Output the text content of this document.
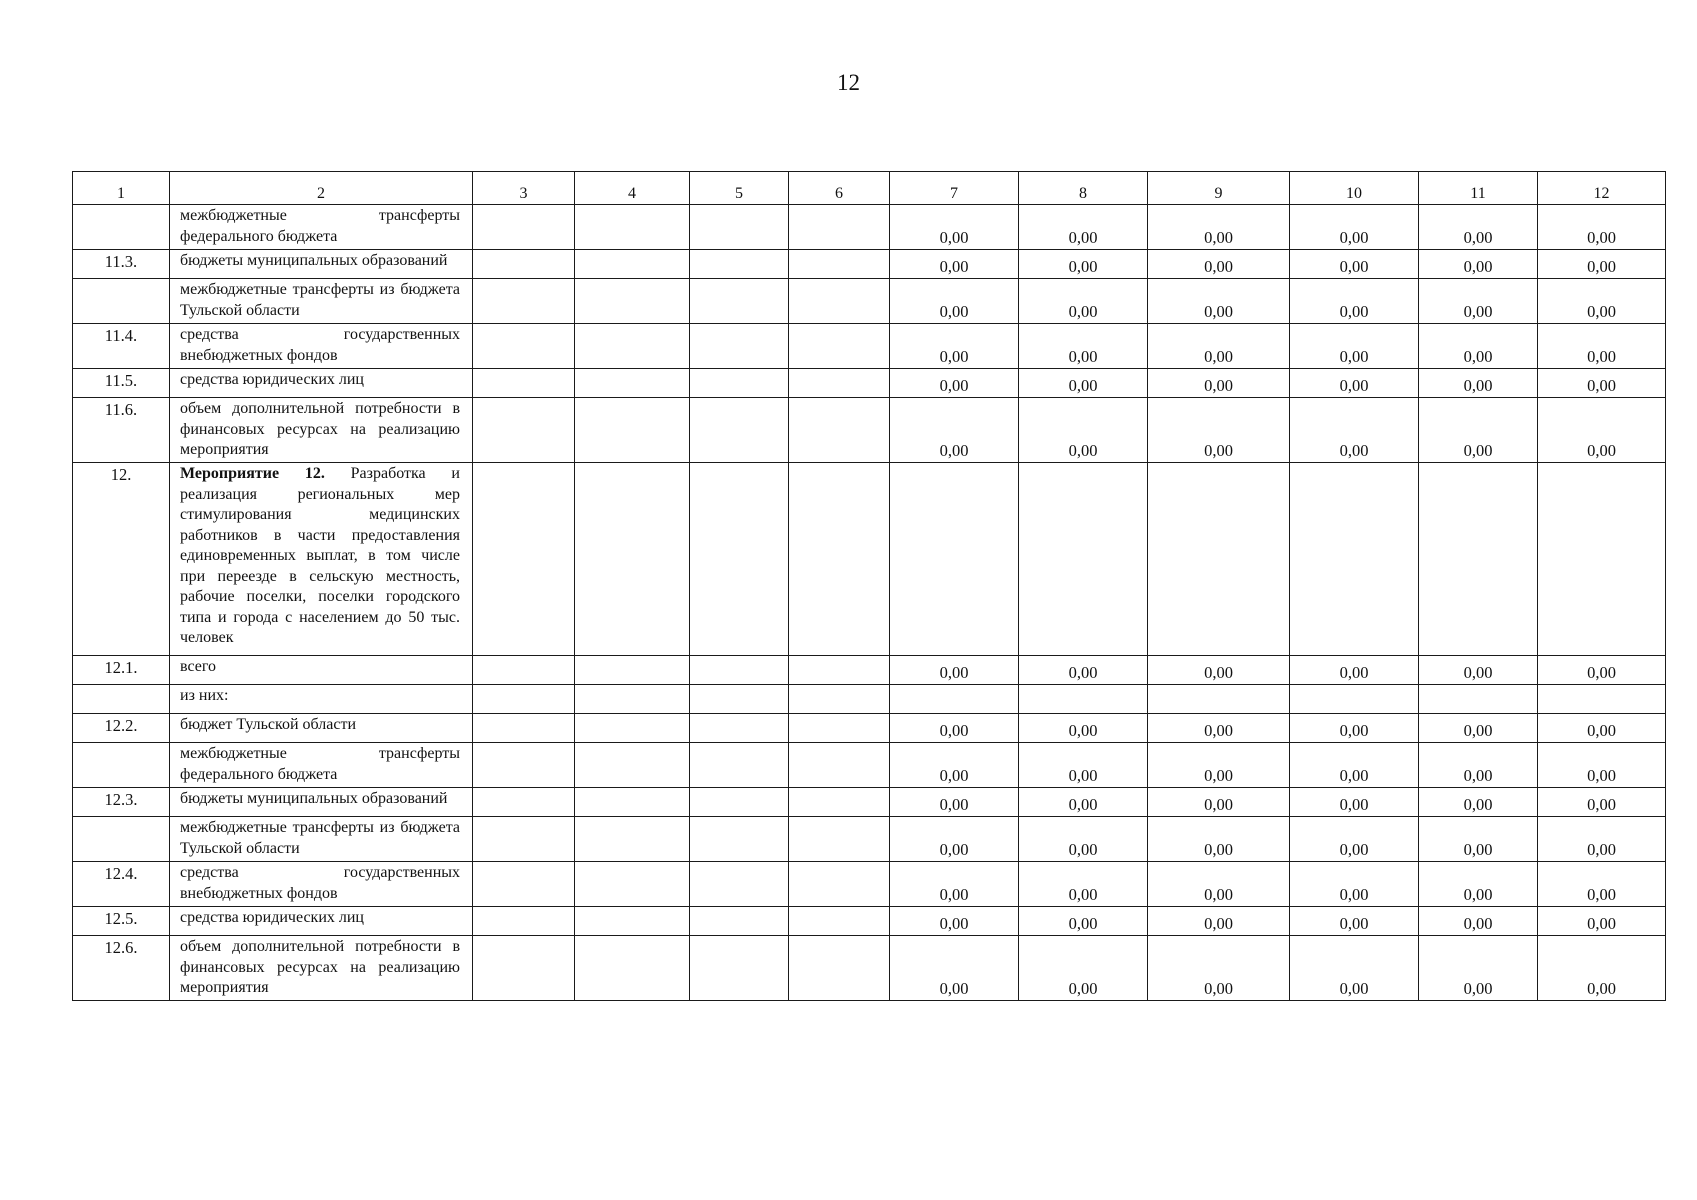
12
1	2	3	4	5	6	7	8	9	10	11	12
	межбюджетные трансферты федерального бюджета					0,00	0,00	0,00	0,00	0,00	0,00
11.3.	бюджеты муниципальных образований					0,00	0,00	0,00	0,00	0,00	0,00
	межбюджетные трансферты из бюджета Тульской области					0,00	0,00	0,00	0,00	0,00	0,00
11.4.	средства государственных внебюджетных фондов					0,00	0,00	0,00	0,00	0,00	0,00
11.5.	средства юридических лиц					0,00	0,00	0,00	0,00	0,00	0,00
11.6.	объем дополнительной потребности в финансовых ресурсах на реализацию мероприятия					0,00	0,00	0,00	0,00	0,00	0,00
12.	Мероприятие 12. Разработка и реализация региональных мер стимулирования медицинских работников в части предоставления единовременных выплат, в том числе при переезде в сельскую местность, рабочие поселки, поселки городского типа и города с населением до 50 тыс. человек										
12.1.	всего					0,00	0,00	0,00	0,00	0,00	0,00
	из них:										
12.2.	бюджет Тульской области					0,00	0,00	0,00	0,00	0,00	0,00
	межбюджетные трансферты федерального бюджета					0,00	0,00	0,00	0,00	0,00	0,00
12.3.	бюджеты муниципальных образований					0,00	0,00	0,00	0,00	0,00	0,00
	межбюджетные трансферты из бюджета Тульской области					0,00	0,00	0,00	0,00	0,00	0,00
12.4.	средства государственных внебюджетных фондов					0,00	0,00	0,00	0,00	0,00	0,00
12.5.	средства юридических лиц					0,00	0,00	0,00	0,00	0,00	0,00
12.6.	объем дополнительной потребности в финансовых ресурсах на реализацию мероприятия					0,00	0,00	0,00	0,00	0,00	0,00
